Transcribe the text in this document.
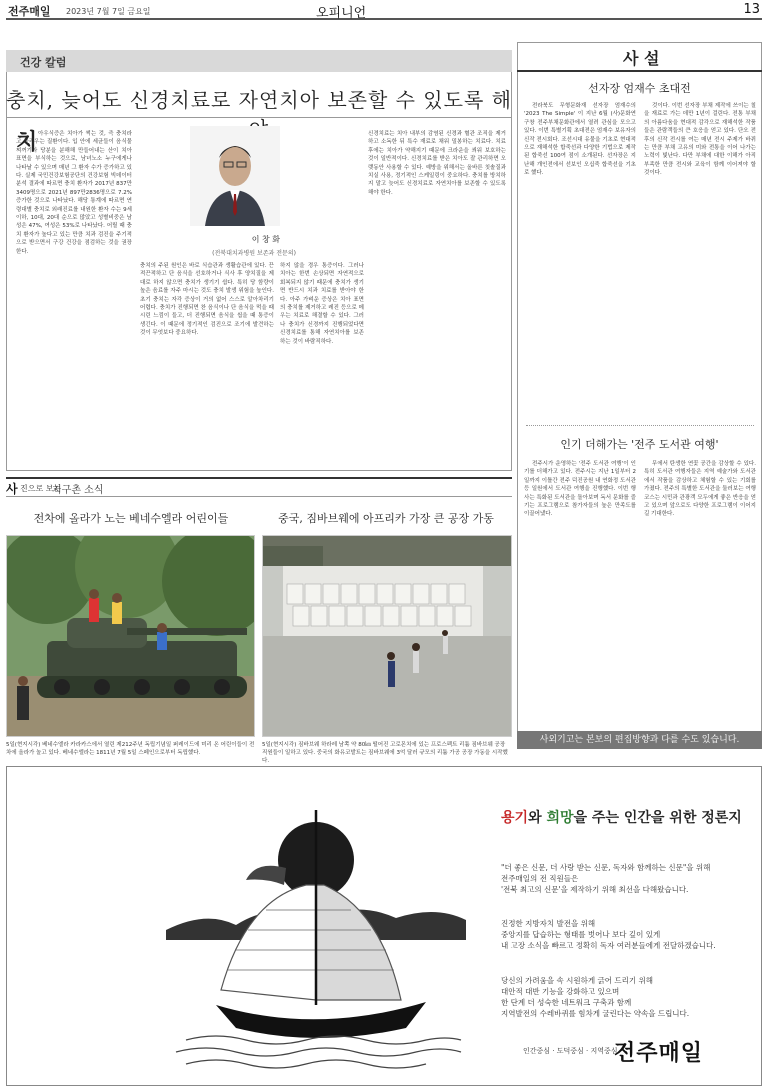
전주매일 2023년 7월 7일 금요일	오피니언	13
건강 칼럼
충치, 늦어도 신경치료로 자연치아 보존할 수 있도록 해
치 아우식증은 치아가 썩는 것, 즉 충치라고 불리우는 질환이다. 입 안에 세균들이 음식물 찌꺼기와 당분을 분해해 만들어내는 산이 치아 표면을 부식하는 것으로, 남녀노소 누구에게나 나타날 수 있으며 매년 그 환자 수가 증가하고 있다. 실제 국민건강보험공단의 건강보험 빅데이터 분석 결과에 따르면 충치 환자가 2017년 837만3409명으로 2021년 897만2836명으로 7.2% 증가한 것으로 나타났다. 해당 통계에 따르면 연령대별 충치로 외래진료를 내원한 환자 수는 9세 이하, 10대, 20대 순으로 많았고 성별비중은 남성은 47%, 여성은 53%로 나타났다. 어릴 때 충치 환자가 높다고 있는 만큼 치과 검진을 주기적으로 받으면서 구강 건강을 점검하는 것을 권장한다.
충치의 주된 원인은 바로 식습관과 생활습관에 있다. 끈적끈적하고 단 음식을 선호하거나 식사 후 양치질을 제대로 하지 않으면 충치가 생기기 쉽다. 특히 당 함량이 높은 음료를 자주 마시는 것도 충치 발생 위험을 높인다. 초기 충치는 자각 증상이 거의 없어 스스로 알아차리기 어렵다. 충치가 진행되면 찬 음식이나 단 음식을 먹을 때 시린 느낌이 들고, 더 진행되면 음식을 씹을 때 통증이 생긴다. 이 때문에 정기적인 검진으로 조기에 발견하는 것이 무엇보다 중요하다.
하지 않을 경우 통증이다. 그러나 치아는 한번 손상되면 자연적으로 회복되지 않기 때문에 충치가 생기면 반드시 치과 치료를 받아야 한다. 아주 가벼운 증상은 치아 표면의 충치를 제거하고 레진 등으로 메우는 치료로 해결할 수 있다. 그러나 충치가 신경까지 진행되었다면 신경치료를 통해 자연치아를 보존하는 것이 바람직하다.
신경치료는 치아 내부의 감염된 신경과 혈관 조직을 제거하고 소독한 뒤 특수 재료로 채워 밀봉하는 치료다. 치료 후에는 치아가 약해지기 때문에 크라운을 씌워 보호하는 것이 일반적이다. 신경치료를 받은 치아도 잘 관리하면 오랫동안 사용할 수 있다. 예방을 위해서는 올바른 칫솔질과 치실 사용, 정기적인 스케일링이 중요하다. 충치를 방치하지 말고 늦어도 신경치료로 자연치아를 보존할 수 있도록 해야 한다.
이 창 화
(전북대치과병원 보존과 전문의)
사 설
선자장 엄재수 초대전
전라북도 무형문화재 선자장 엄재수의 '2023 The Simple' 이 지난 6월 (사)문화연구창 전주부채문화관에서 열려 관심을 모으고 있다. 이번 특별기획 초대전은 엄재수 보유자의 신작 전시회다. 조선시대 유물을 기초로 현대적으로 재해석한 합죽선과 다양한 기법으로 제작된 합죽선 100여 점이 소개된다. 선자장은 지난해 개인전에서 선보인 오십죽 합죽선을 기초로 했다.
것이다. 이번 선자장 부채 제작에 쓰이는 칠을 재료로 가는 데만 1년이 걸린다. 전통 부채의 아름다움을 현대적 감각으로 재해석한 작품들은 관람객들의 큰 호응을 얻고 있다. 단오 전후의 신작 전시를 여는 매년 전시 주제가 바뀌는 만큼 부채 고유의 미와 전통을 이어 나가는 노력이 빛난다. 다만 부채에 대한 이해가 아직 부족한 만큼 전시와 교육이 함께 이어져야 할 것이다.
인기 더해가는 '전주 도서관 여행'
전주시가 운영하는 '전주 도서관 여행'이 인기를 더해가고 있다. 전주시는 지난 1일부터 2일까지 이틀간 전주 덕진공원 내 연화정 도서관 등 일원에서 도서관 여행을 진행했다. 이번 행사는 특화된 도서관을 돌아보며 독서 문화를 즐기는 프로그램으로 참가자들의 높은 만족도를 이끌어냈다.
무에서 탄생한 연꽃 공간을 감상할 수 있다. 특히 도서관 여행자들은 지역 예술가와 도서관에서 작품을 감상하고 체험할 수 있는 기회를 가졌다. 전주의 특별한 도서관을 둘러보는 여행 코스는 시민과 관광객 모두에게 좋은 반응을 얻고 있으며 앞으로도 다양한 프로그램이 이어지길 기대한다.
사외기고는 본보의 편집방향과 다를 수도 있습니다.
사 진으로 보는
지구촌 소식
전차에 올라가 노는 베네수엘라 어린이들	중국, 짐바브웨에 아프리카 가장 큰 공장 가동
5일(현지시각) 베네수엘라 카라카스에서 열린 제212주년 독립기념일 퍼레이드에 미리 온 어린이들이 전차에 올라가 놀고 있다. 베네수엘라는 1811년 7월 5일 스페인으로부터 독립했다.
5일(현지시각) 짐바브웨 하라레 남쪽 약 80㎞ 떨어진 고로몬치에 있는 프로스펙트 리튬 짐바브웨 공장 직원들이 일하고 있다. 중국의 화유코발트는 짐바브웨에 3억 달러 규모의 리튬 가공 공장 가동을 시작했다.
용기와 희망을 주는 인간을 위한 정론지
"더 좋은 신문, 더 사랑 받는 신문, 독자와 함께하는 신문"을 위해
전주매일의 전 직원들은
'전북 최고의 신문'을 제작하기 위해 최선을 다해왔습니다.
진정한 지방자치 발전을 위해
중앙지를 답습하는 형태를 벗어나 보다 깊이 있게
내 고장 소식을 빠르고 정확히 독자 여러분들에게 전달하겠습니다.
당신의 가려움을 속 시원하게 긁어 드리기 위해
대안적 대반 기능을 강화하고 있으며
한 단계 더 성숙한 네트워크 구축과 함께
지역발전의 수레바퀴를 힘차게 굴린다는 약속을 드립니다.
인간중심 · 도덕중심 · 지역중심
전주매일
